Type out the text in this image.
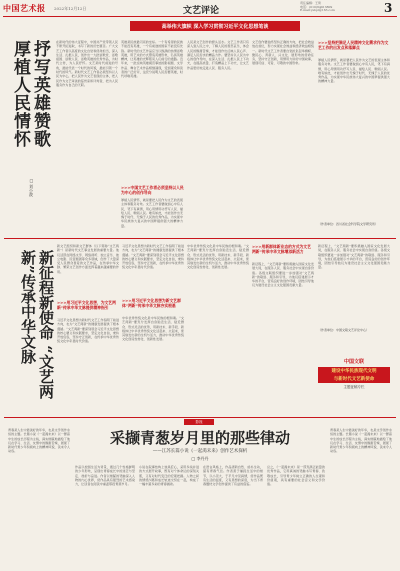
中国艺术报 2022年12月12日	文艺评论
责任编辑：王琦
电话：(010)64913809
E-mail:ysbpl@163.com	3
高举伟大旗帜 深入学习贯彻习近平文化思想笔谈
抒写英雄赞歌 厚植人民情怀
□ 刘小波
在新时代的伟大征程中，中国共产党带领人民不断开拓进取，书写了新的历史篇章。广大文艺工作者以高度的文化自觉和使命担当，深入生活、扎根人民，创作出一大批讴歌党、讴歌祖国、讴歌人民、讴歌英雄的优秀作品，为时代立传，为人民抒怀。文艺是时代前进的号角，最能代表一个时代的风貌，最能引领一个时代的风气。新时代文艺工作者必须坚持以人民为中心，把人民作为文艺表现的主体，把人民作为文艺审美的鉴赏家和评判者，把为人民服务作为自己的天职。
英雄是民族最闪亮的坐标。一个有希望的民族不能没有英雄，一个有前途的国家不能没有先锋。新时代的文艺作品应当以饱满的热情讴歌英雄，用艺术的方式塑造英雄形象，弘扬英雄精神，让英雄的光辉照亮人们前行的道路。近年来，一批反映英雄模范事迹的影视剧、文学作品、舞台艺术作品相继涌现，受到观众和读者的广泛好评，这充分说明人民需要英雄，时代呼唤英雄。
>>>中国文艺工作者必须坚持以人民为中心的创作导向
厚植人民情怀，就是要把人民作为文艺的表现主体和服务对象。文艺工作者要做到心中有人民，笔下有真情，用心用情用功抒写人民、描绘人民、歌唱人民。唯有如此，才能创作出无愧于时代、无愧于人民的优秀作品，为实现中华民族伟大复兴的中国梦提供强大的精神力量。
人民是文艺创作的源头活水。文艺工作者只有深入到人民之中，了解人民的喜怒哀乐，体会人民的酸甜苦辣，才能创作出反映人民心声、满足人民需求的精品力作。要坚持以人民为中心的创作导向，在深入生活、扎根人民上下功夫，在提高质量、打造精品上下功夫，让文艺作品更好地走进人民、服务人民。
文艺创作要始终坚持正确的方向，把社会效益放在首位，努力实现社会效益和经济效益相统一。新时代文艺工作者要自觉担负起举旗帜、聚民心、育新人、兴文化、展形象的使命任务，坚持守正创新，用情用力讲好中国故事，展现可信、可爱、可敬的中国形象。
>>>坚持把满足人民精神文化需求作为文艺工作的出发点和落脚点
厚植人民情怀，就是要把人民作为文艺的表现主体和服务对象。文艺工作者要做到心中有人民，笔下有真情，用心用情用功抒写人民、描绘人民、歌唱人民。唯有如此，才能创作出无愧于时代、无愧于人民的优秀作品，为实现中华民族伟大复兴的中国梦提供强大的精神力量。
（作者单位：四川省社会科学院文学研究所）
新征程新使命 “文艺两新”传承中华文脉
新文艺组织和新文艺群体（以下简称“文艺两新”）是新时代文艺事业发展的重要力量。他们活跃在网络文学、网络视听、独立音乐、独立电影、民营剧团等众多领域，创作了大量深受人民群众喜爱的文艺作品，在传承中华文脉、繁荣文艺创作方面发挥着越来越重要的作用。
>>>用习近平文化思想，为文艺两新”传承中华文脉提供精神指引
习近平文化思想为新时代文艺工作指明了前进方向，也为“文艺两新”的健康发展提供了根本遵循。“文艺两新”要深刻领会习近平文化思想的核心要义和实践要求，坚定文化自信，秉持开放包容，坚持守正创新，在传承中华优秀传统文化中彰显时代价值。
习近平文化思想为新时代文艺工作指明了前进方向，也为“文艺两新”的健康发展提供了根本遵循。“文艺两新”要深刻领会习近平文化思想的核心要义和实践要求，坚定文化自信，秉持开放包容，坚持守正创新，在传承中华优秀传统文化中彰显时代价值。
>>>用习近平文化思想为新文艺群体“两新”传承中华文脉夯实根基
中华优秀传统文化是中华民族的根和魂。“文艺两新”要充分发挥自身贴近生活、贴近群众、形式灵活的优势，用新技术、新手段、新载体让中华优秀传统文化活起来、火起来，使其焕发出新的生机与活力，推动中华优秀传统文化创造性转化、创新性发展。
中华优秀传统文化是中华民族的根和魂。“文艺两新”要充分发挥自身贴近生活、贴近群众、形式灵活的优势，用新技术、新手段、新载体让中华优秀传统文化活起来、火起来，使其焕发出新的生机与活力，推动中华优秀传统文化创造性转化、创新性发展。
>>>用新群体新业态的方式为文艺两新”传承中华文脉增添新活力
新征程上，“文艺两新”要积极融入国家文化发展大局，在服务人民、服务社会中实现自身价值。各级文联组织要进一步加强对“文艺两新”的联络、服务和引导，为他们搭建展示才华的平台，营造良好的创作环境，团结引导他们为建设社会主义文化强国贡献力量。
新征程上，“文艺两新”要积极融入国家文化发展大局，在服务人民、服务社会中实现自身价值。各级文联组织要进一步加强对“文艺两新”的联络、服务和引导，为他们搭建展示才华的平台，营造良好的创作环境，团结引导他们为建设社会主义文化强国贡献力量。
（作者单位：中国文联文艺评论中心）
中国文联
建设中华民族现代文明
与新时代文艺新使命
主题征稿专栏
影视
青春是人生中最美好的年华，也是文学创作永恒的主题。长篇小说《一起渴未来》以一群高中生的成长历程为主线，真实细腻地描绘了他们在学习、生活、友情中的酸甜苦辣，展现了新时代青少年积极向上的精神风貌，读来令人动容。
采撷青葱岁月里的那些律动
——江苏长篇小说《一起渴未来》创作艺术探析
□ 李丹丹
作品以校园生活为背景，通过几个性格鲜明的少年形象，呈现出青春成长中的迷茫与坚定、挫折与奋进。作者以细腻的笔触深入人物的内心世界，使作品具有强烈的艺术感染力，让读者在阅读中重温那段青葱岁月。
小说在叙事结构上独具匠心，采用多线并进的方式展开故事，既有对个体命运的深刻关照，又有对时代变迁的宏观把握。人物之间的情感纠葛和成长轨迹交织在一起，构成了一幅丰富多彩的青春画卷。
在语言风格上，作品清新自然、质朴生动，富有青春气息。作者善于捕捉生活中的细节，以小见大，于平凡中见真情，使作品既有生活的温度，又有思想的深度，为当下青春题材文学创作提供了有益的借鉴。
总之，《一起渴未来》是一部充满正能量的优秀作品，它用真诚的笔触书写青春、致敬成长，引导青少年树立正确的人生观和价值观，具有重要的社会意义和文学价值。
青春是人生中最美好的年华，也是文学创作永恒的主题。长篇小说《一起渴未来》以一群高中生的成长历程为主线，真实细腻地描绘了他们在学习、生活、友情中的酸甜苦辣，展现了新时代青少年积极向上的精神风貌，读来令人动容。
